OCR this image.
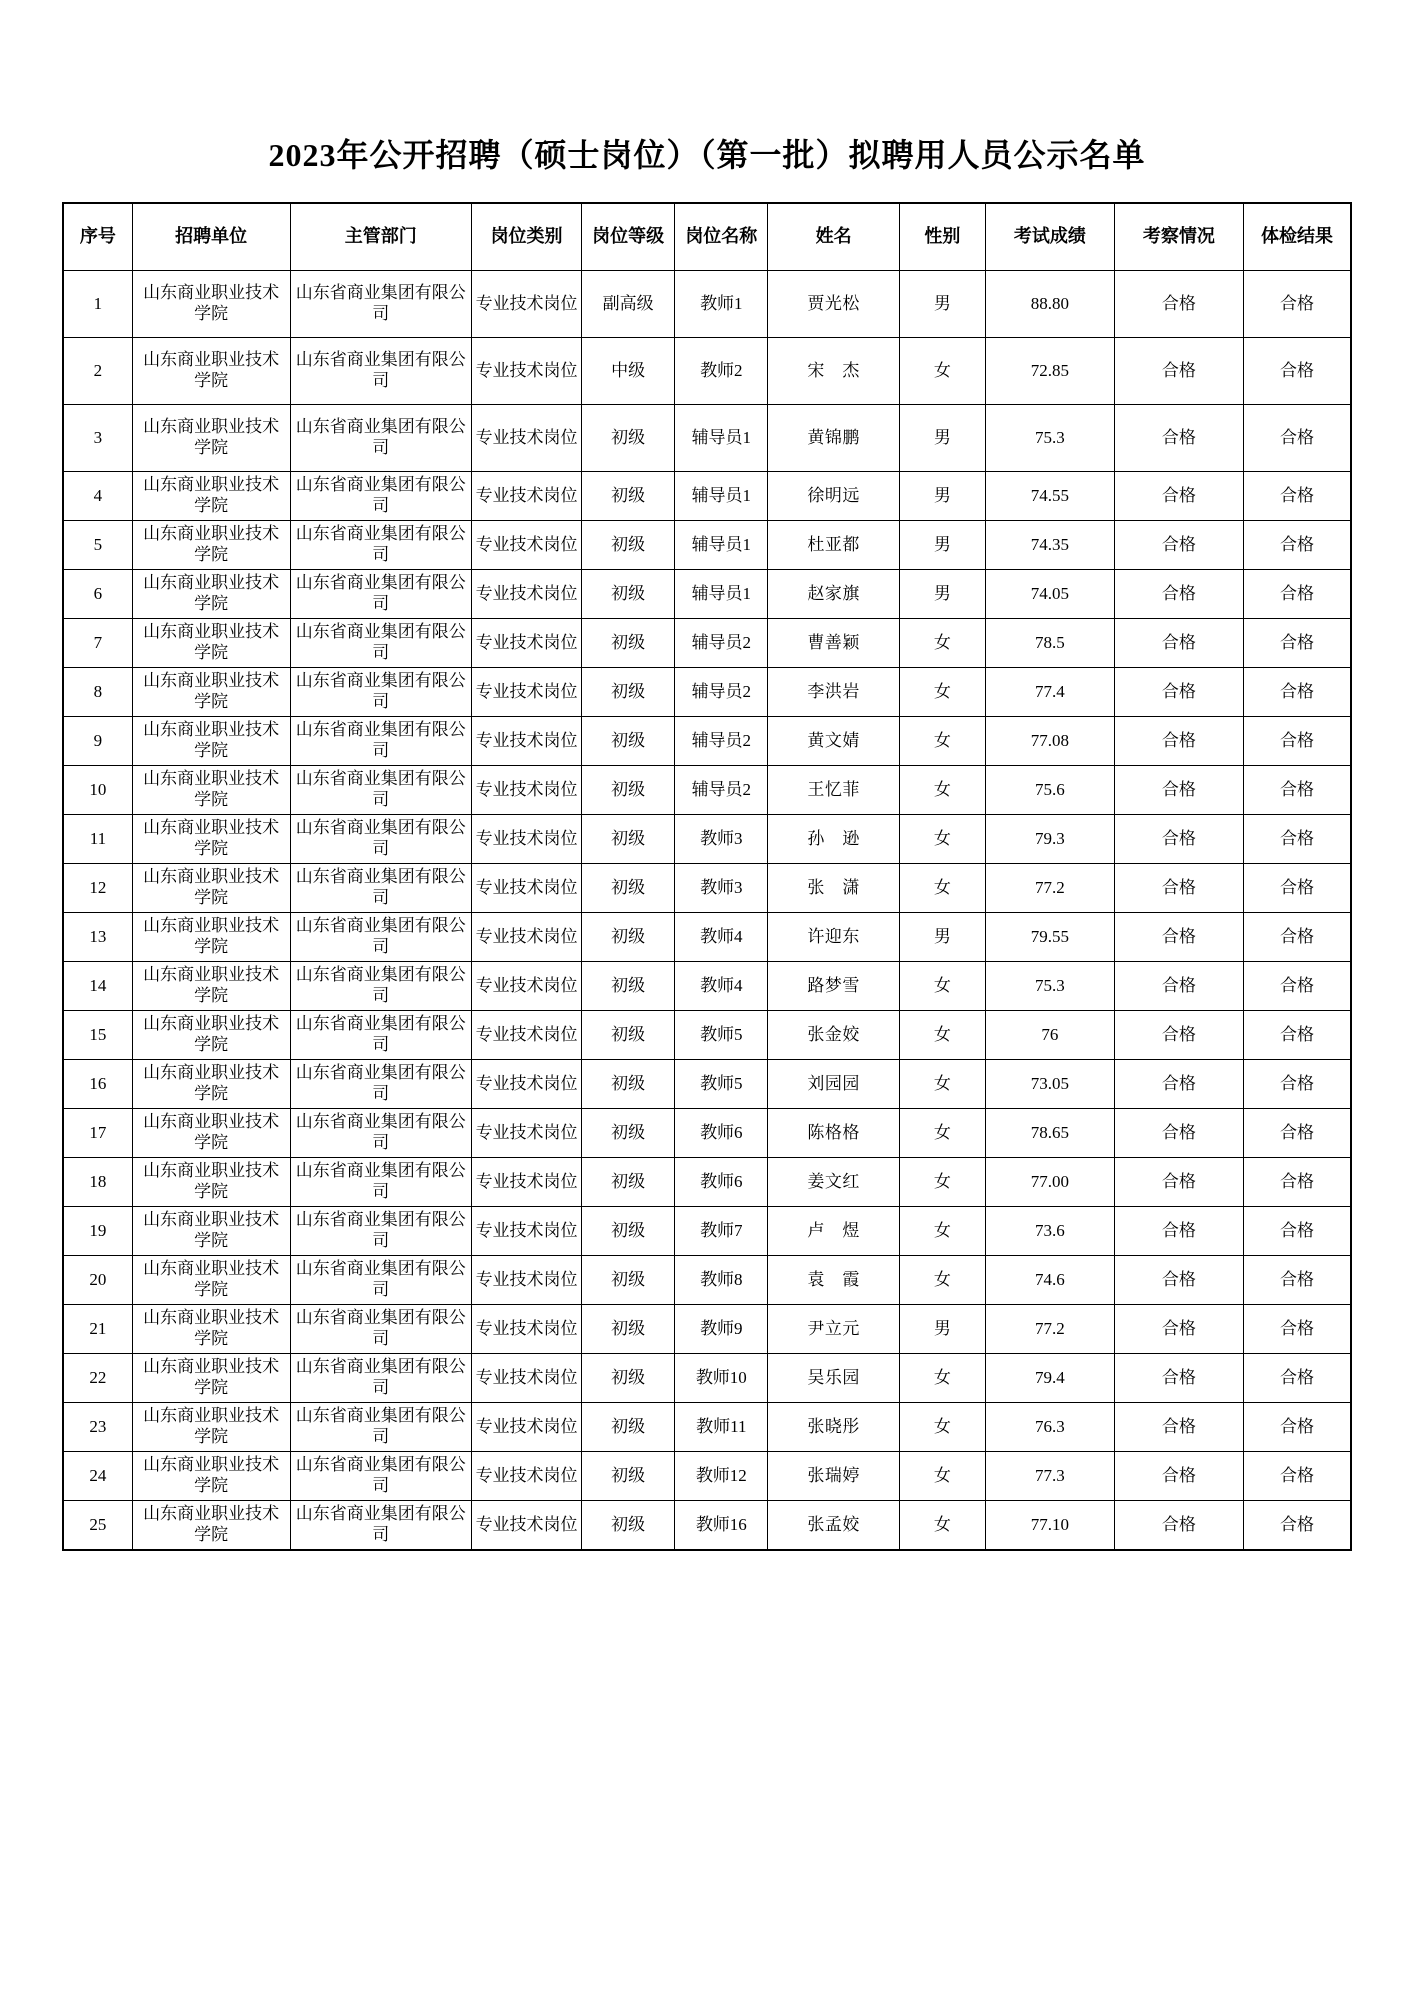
2023年公开招聘（硕士岗位）（第一批）拟聘用人员公示名单
序号	招聘单位	主管部门	岗位类别	岗位等级	岗位名称	姓名	性别	考试成绩	考察情况	体检结果
1	山东商业职业技术学院	山东省商业集团有限公司	专业技术岗位	副高级	教师1	贾光松	男	88.80	合格	合格
2	山东商业职业技术学院	山东省商业集团有限公司	专业技术岗位	中级	教师2	宋　杰	女	72.85	合格	合格
3	山东商业职业技术学院	山东省商业集团有限公司	专业技术岗位	初级	辅导员1	黄锦鹏	男	75.3	合格	合格
4	山东商业职业技术学院	山东省商业集团有限公司	专业技术岗位	初级	辅导员1	徐明远	男	74.55	合格	合格
5	山东商业职业技术学院	山东省商业集团有限公司	专业技术岗位	初级	辅导员1	杜亚都	男	74.35	合格	合格
6	山东商业职业技术学院	山东省商业集团有限公司	专业技术岗位	初级	辅导员1	赵家旗	男	74.05	合格	合格
7	山东商业职业技术学院	山东省商业集团有限公司	专业技术岗位	初级	辅导员2	曹善颖	女	78.5	合格	合格
8	山东商业职业技术学院	山东省商业集团有限公司	专业技术岗位	初级	辅导员2	李洪岩	女	77.4	合格	合格
9	山东商业职业技术学院	山东省商业集团有限公司	专业技术岗位	初级	辅导员2	黄文婧	女	77.08	合格	合格
10	山东商业职业技术学院	山东省商业集团有限公司	专业技术岗位	初级	辅导员2	王忆菲	女	75.6	合格	合格
11	山东商业职业技术学院	山东省商业集团有限公司	专业技术岗位	初级	教师3	孙　逊	女	79.3	合格	合格
12	山东商业职业技术学院	山东省商业集团有限公司	专业技术岗位	初级	教师3	张　潇	女	77.2	合格	合格
13	山东商业职业技术学院	山东省商业集团有限公司	专业技术岗位	初级	教师4	许迎东	男	79.55	合格	合格
14	山东商业职业技术学院	山东省商业集团有限公司	专业技术岗位	初级	教师4	路梦雪	女	75.3	合格	合格
15	山东商业职业技术学院	山东省商业集团有限公司	专业技术岗位	初级	教师5	张金姣	女	76	合格	合格
16	山东商业职业技术学院	山东省商业集团有限公司	专业技术岗位	初级	教师5	刘园园	女	73.05	合格	合格
17	山东商业职业技术学院	山东省商业集团有限公司	专业技术岗位	初级	教师6	陈格格	女	78.65	合格	合格
18	山东商业职业技术学院	山东省商业集团有限公司	专业技术岗位	初级	教师6	姜文红	女	77.00	合格	合格
19	山东商业职业技术学院	山东省商业集团有限公司	专业技术岗位	初级	教师7	卢　煜	女	73.6	合格	合格
20	山东商业职业技术学院	山东省商业集团有限公司	专业技术岗位	初级	教师8	袁　霞	女	74.6	合格	合格
21	山东商业职业技术学院	山东省商业集团有限公司	专业技术岗位	初级	教师9	尹立元	男	77.2	合格	合格
22	山东商业职业技术学院	山东省商业集团有限公司	专业技术岗位	初级	教师10	吴乐园	女	79.4	合格	合格
23	山东商业职业技术学院	山东省商业集团有限公司	专业技术岗位	初级	教师11	张晓彤	女	76.3	合格	合格
24	山东商业职业技术学院	山东省商业集团有限公司	专业技术岗位	初级	教师12	张瑞婷	女	77.3	合格	合格
25	山东商业职业技术学院	山东省商业集团有限公司	专业技术岗位	初级	教师16	张孟姣	女	77.10	合格	合格
